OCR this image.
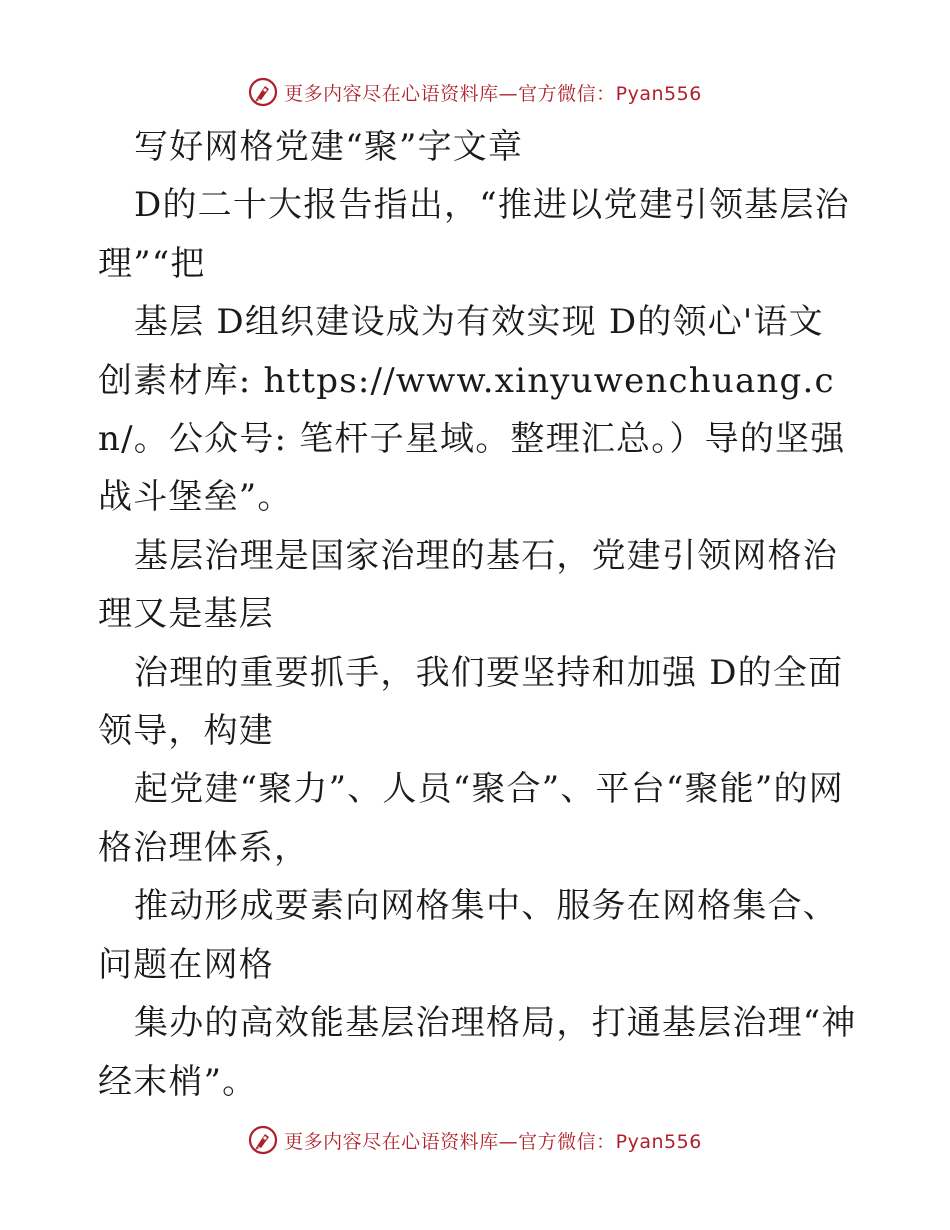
更多内容尽在心语资料库—官方微信：Pyan556

写好网格党建“聚”字文章

D的二十大报告指出，“推进以党建引领基层治理”“把

基层 D组织建设成为有效实现 D的领心'语文创素材库: https://www.xinyuwenchuang.cn/。公众号: 笔杆子星域。整理汇总。）导的坚强战斗堡垒”。

基层治理是国家治理的基石，党建引领网格治理又是基层

治理的重要抓手，我们要坚持和加强 D的全面领导，构建

起党建“聚力”、人员“聚合”、平台“聚能”的网格治理体系，

推动形成要素向网格集中、服务在网格集合、问题在网格

集办的高效能基层治理格局，打通基层治理“神经末梢”。

更多内容尽在心语资料库—官方微信：Pyan556
